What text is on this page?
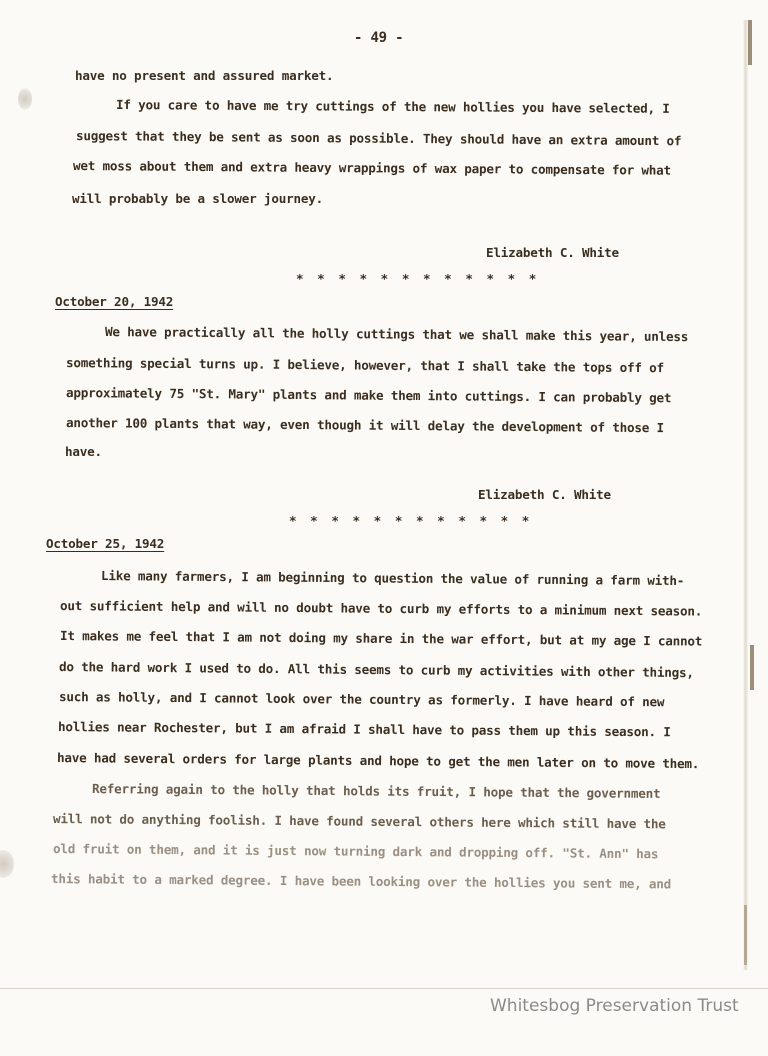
- 49 -
have no present and assured market.
If you care to have me try cuttings of the new hollies you have selected, I
suggest that they be sent as soon as possible. They should have an extra amount of
wet moss about them and extra heavy wrappings of wax paper to compensate for what
will probably be a slower journey.
Elizabeth C. White
* * * * * * * * * * * *
October 20, 1942
We have practically all the holly cuttings that we shall make this year, unless
something special turns up. I believe, however, that I shall take the tops off of
approximately 75 "St. Mary" plants and make them into cuttings. I can probably get
another 100 plants that way, even though it will delay the development of those I
have.
Elizabeth C. White
* * * * * * * * * * * *
October 25, 1942
Like many farmers, I am beginning to question the value of running a farm with-
out sufficient help and will no doubt have to curb my efforts to a minimum next season.
It makes me feel that I am not doing my share in the war effort, but at my age I cannot
do the hard work I used to do. All this seems to curb my activities with other things,
such as holly, and I cannot look over the country as formerly. I have heard of new
hollies near Rochester, but I am afraid I shall have to pass them up this season. I
have had several orders for large plants and hope to get the men later on to move them.
Referring again to the holly that holds its fruit, I hope that the government
will not do anything foolish. I have found several others here which still have the
old fruit on them, and it is just now turning dark and dropping off. "St. Ann" has
this habit to a marked degree. I have been looking over the hollies you sent me, and
Whitesbog Preservation Trust
